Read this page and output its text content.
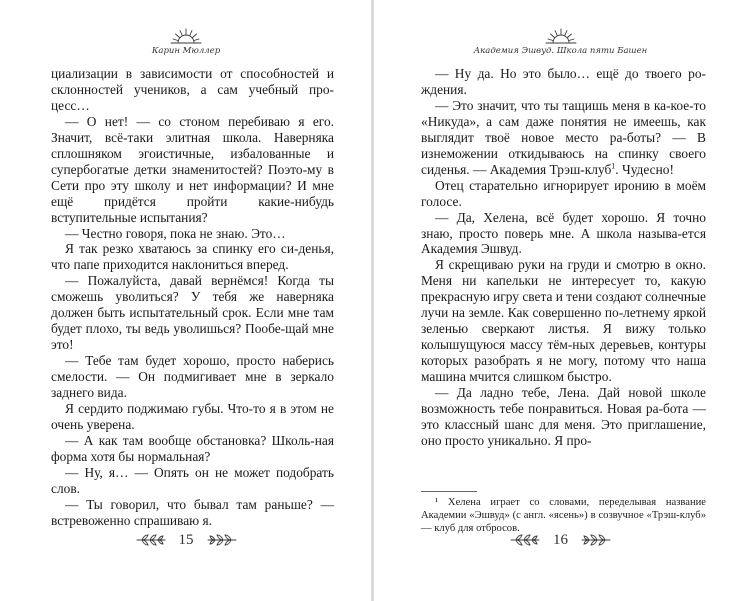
Карин Мюллер

циализации в зависимости от способностей и склонностей учеников, а сам учебный про-цесс…

— О нет! — со стоном перебиваю я его. Значит, всё-таки элитная школа. Наверняка сплошняком эгоистичные, избалованные и супербогатые детки знаменитостей? Поэто-му в Сети про эту школу и нет информации? И мне ещё придётся пройти какие-нибудь вступительные испытания?

— Честно говоря, пока не знаю. Это…

Я так резко хватаюсь за спинку его си-денья, что папе приходится наклониться вперед.

— Пожалуйста, давай вернёмся! Когда ты сможешь уволиться? У тебя же наверняка должен быть испытательный срок. Если мне там будет плохо, ты ведь уволишься? Пообе-щай мне это!

— Тебе там будет хорошо, просто наберись смелости. — Он подмигивает мне в зеркало заднего вида.

Я сердито поджимаю губы. Что-то я в этом не очень уверена.

— А как там вообще обстановка? Школь-ная форма хотя бы нормальная?

— Ну, я… — Опять он не может подобрать слов.

— Ты говорил, что бывал там раньше? — встревоженно спрашиваю я.

15
Академия Эшвуд. Школа пяти Башен

— Ну да. Но это было… ещё до твоего ро-ждения.

— Это значит, что ты тащишь меня в ка-кое-то «Никуда», а сам даже понятия не имеешь, как выглядит твоё новое место ра-боты? — В изнеможении откидываюсь на спинку своего сиденья. — Академия Трэш-клуб$^1$. Чудесно!

Отец старательно игнорирует иронию в моём голосе.

— Да, Хелена, всё будет хорошо. Я точно знаю, просто поверь мне. А школа называ-ется Академия Эшвуд.

Я скрещиваю руки на груди и смотрю в окно. Меня ни капельки не интересует то, какую прекрасную игру света и тени создают солнечные лучи на земле. Как совершенно по-летнему яркой зеленью сверкают листья. Я вижу только колышущуюся массу тём-ных деревьев, контуры которых разобрать я не могу, потому что наша машина мчится слишком быстро.

— Да ладно тебе, Лена. Дай новой школе возможность тебе понравиться. Новая ра-бота — это классный шанс для меня. Это приглашение, оно просто уникально. Я про-

¹ Хелена играет со словами, переделывая название Академии «Эшвуд» (с англ. «ясень») в созвучное «Трэш-клуб» — клуб для отбросов.
16
